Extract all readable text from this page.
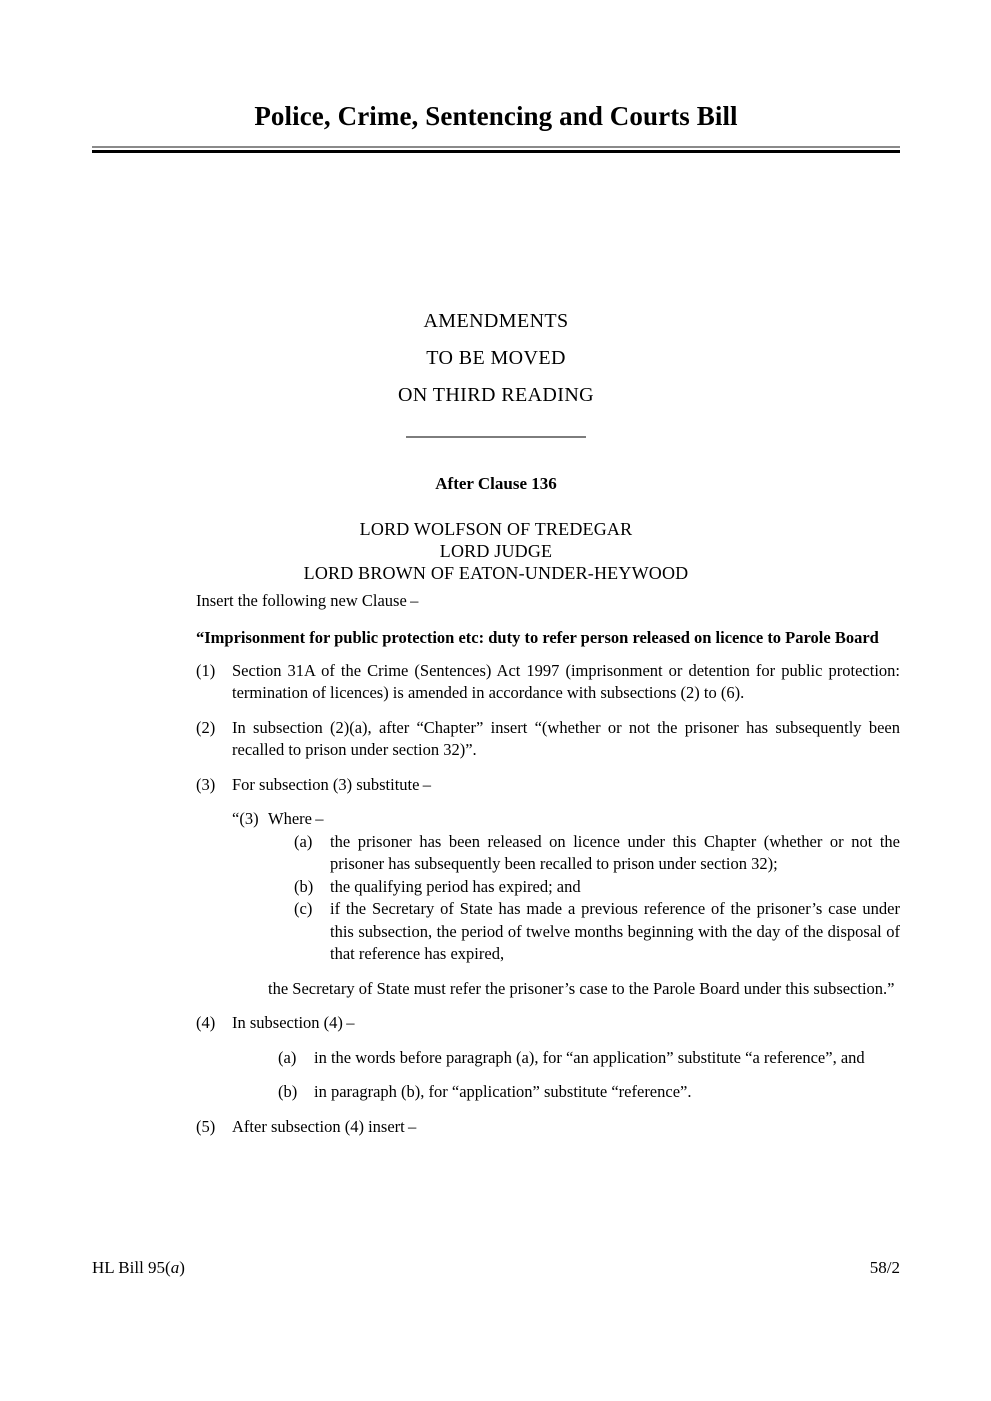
Police, Crime, Sentencing and Courts Bill
AMENDMENTS
TO BE MOVED
ON THIRD READING
After Clause 136
LORD WOLFSON OF TREDEGAR
LORD JUDGE
LORD BROWN OF EATON-UNDER-HEYWOOD

Insert the following new Clause –

“Imprisonment for public protection etc: duty to refer person released on licence to Parole Board

(1)	Section 31A of the Crime (Sentences) Act 1997 (imprisonment or detention for public protection: termination of licences) is amended in accordance with subsections (2) to (6).
(2)	In subsection (2)(a), after “Chapter” insert “(whether or not the prisoner has subsequently been recalled to prison under section 32)”.
(3)	For subsection (3) substitute –
“(3) Where –
(a)	the prisoner has been released on licence under this Chapter (whether or not the prisoner has subsequently been recalled to prison under section 32);
(b)	the qualifying period has expired; and
(c)	if the Secretary of State has made a previous reference of the prisoner’s case under this subsection, the period of twelve months beginning with the day of the disposal of that reference has expired,
the Secretary of State must refer the prisoner’s case to the Parole Board under this subsection.”
(4)	In subsection (4) –
(a)	in the words before paragraph (a), for “an application” substitute “a reference”, and
(b)	in paragraph (b), for “application” substitute “reference”.
(5)	After subsection (4) insert –
HL Bill 95(a)	58/2
